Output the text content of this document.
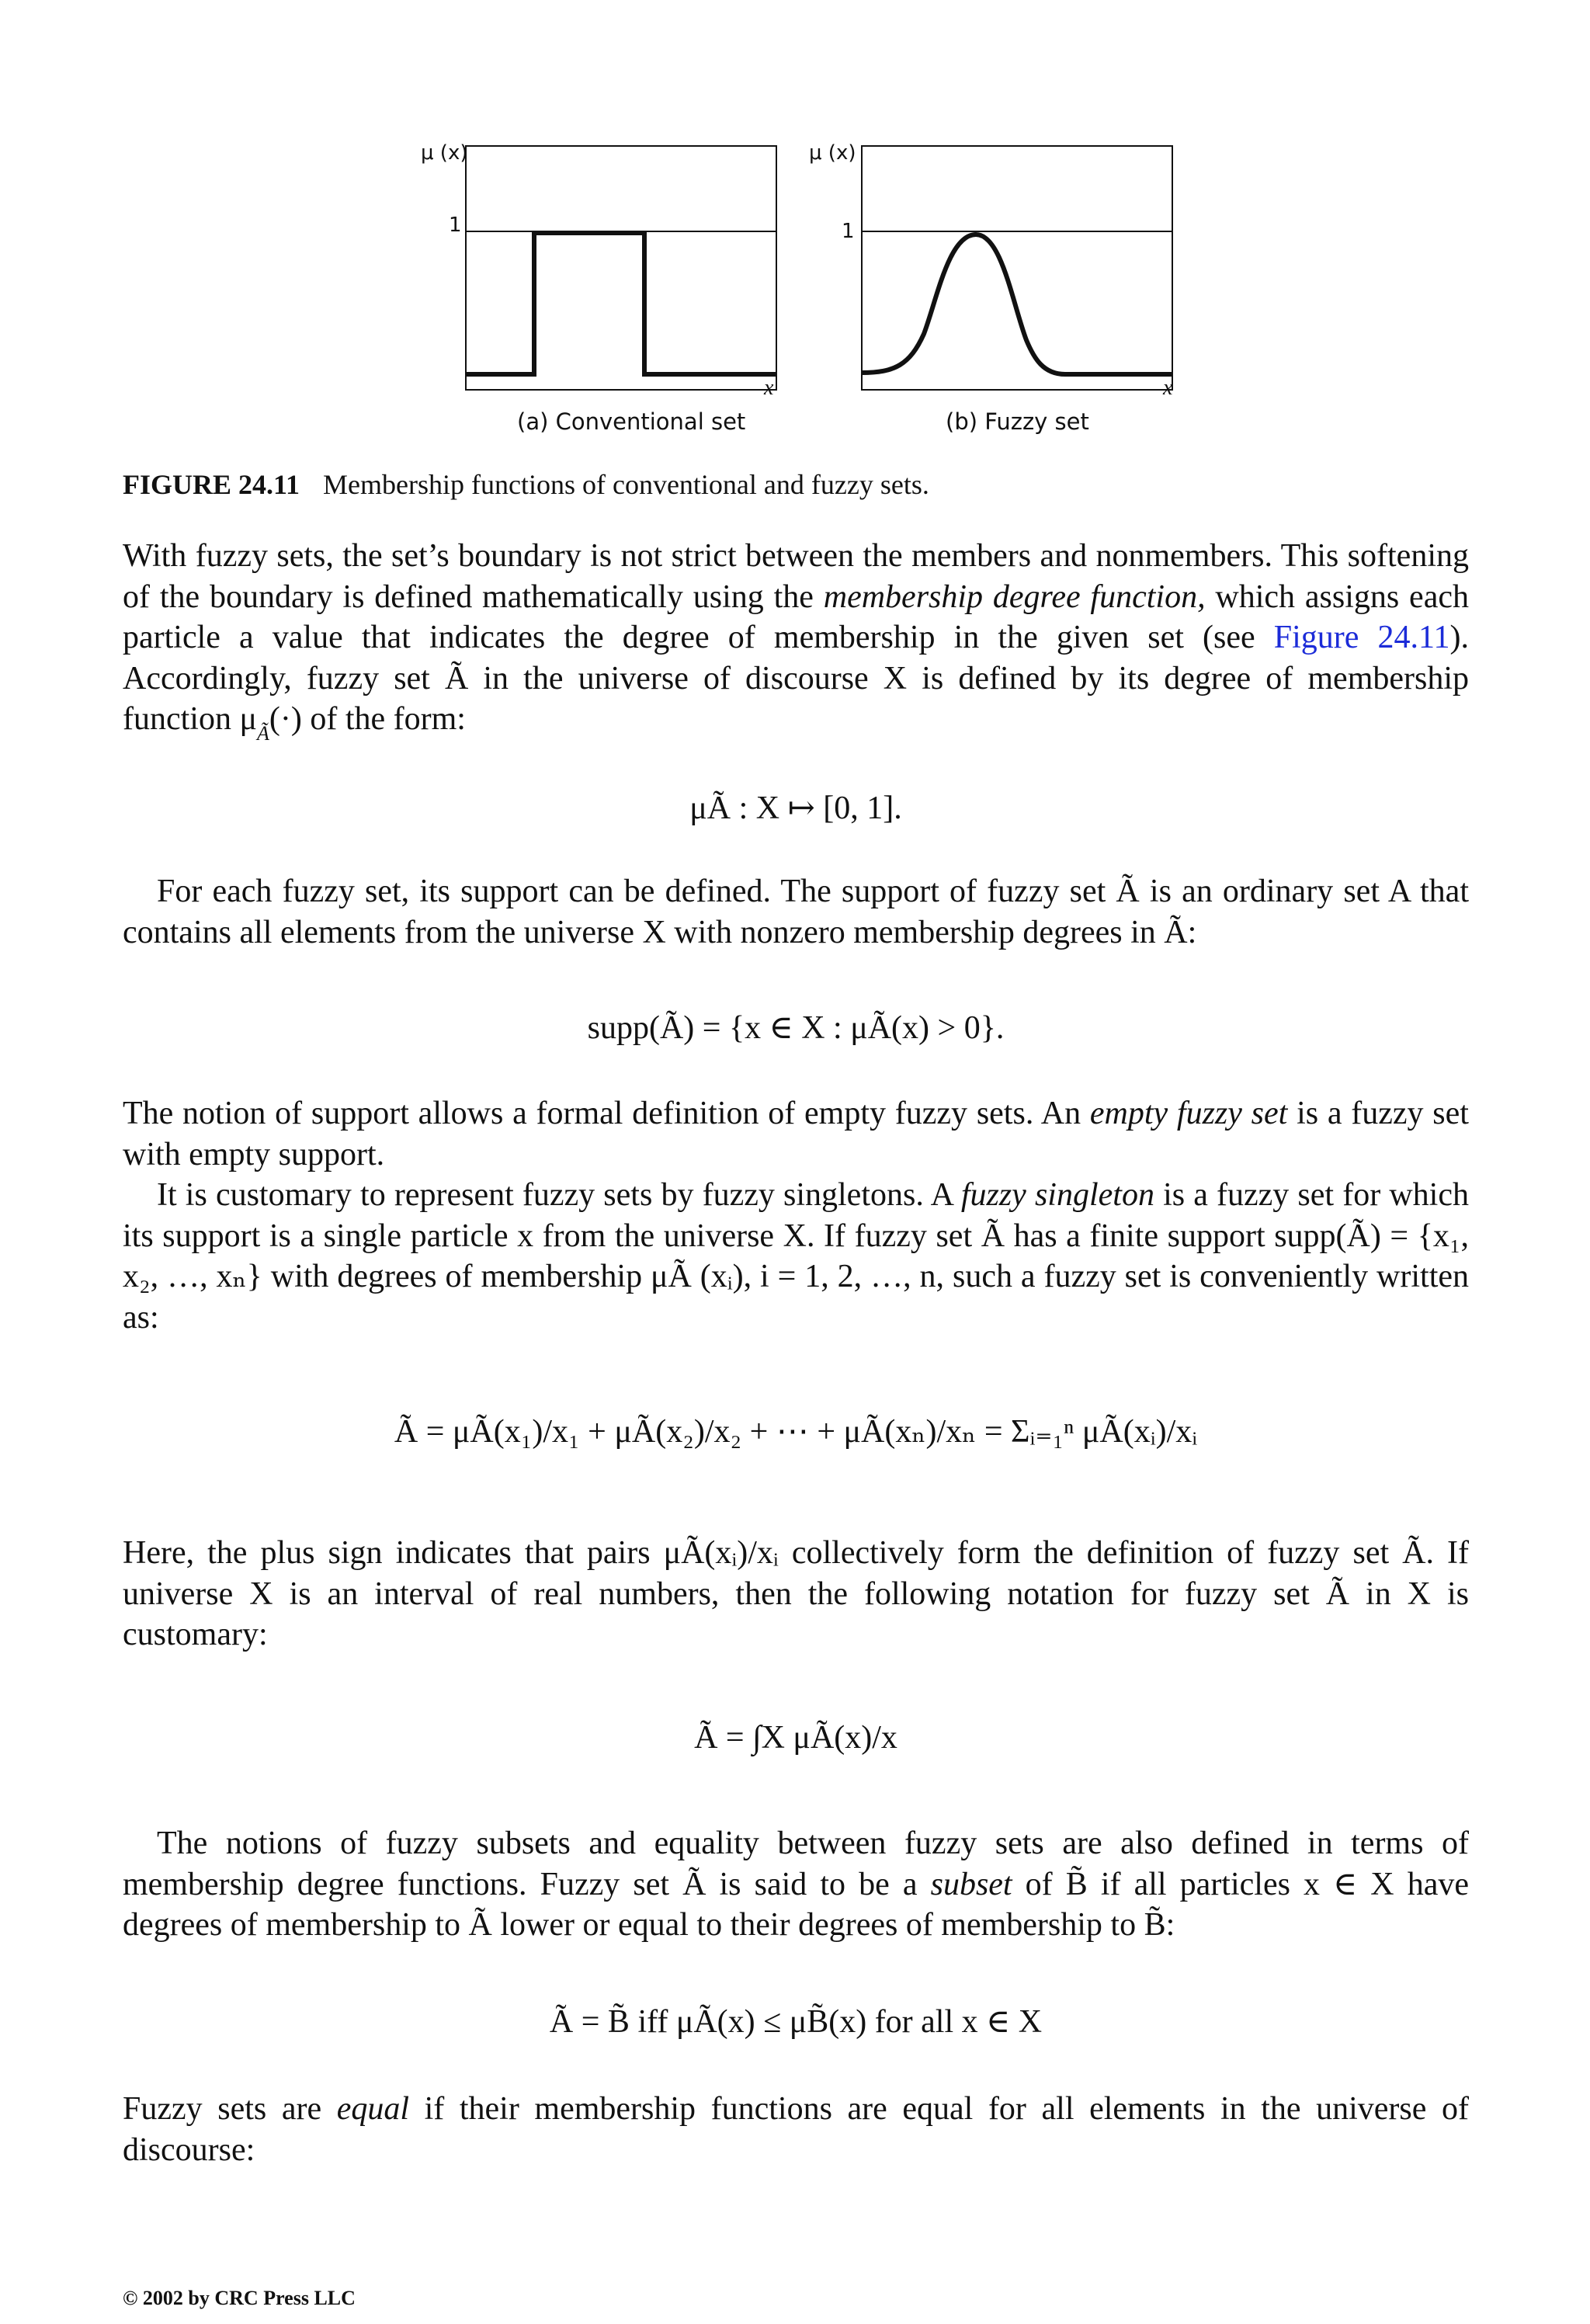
μ (x)
1
x
(a) Conventional set
μ (x)
1
x
(b) Fuzzy set
FIGURE 24.11 Membership functions of conventional and fuzzy sets.

With fuzzy sets, the set’s boundary is not strict between the members and nonmembers. This softening of the boundary is defined mathematically using the membership degree function, which assigns each particle a value that indicates the degree of membership in the given set (see Figure 24.11). Accordingly, fuzzy set Ã in the universe of discourse X is defined by its degree of membership function $\mu_Ã(\cdot)$ of the form:

μÃ : X ↦ [0, 1].

For each fuzzy set, its support can be defined. The support of fuzzy set Ã is an ordinary set A that contains all elements from the universe X with nonzero membership degrees in Ã:

supp(Ã) = {x ∈ X : μÃ(x) > 0}.

The notion of support allows a formal definition of empty fuzzy sets. An empty fuzzy set is a fuzzy set with empty support.

It is customary to represent fuzzy sets by fuzzy singletons. A fuzzy singleton is a fuzzy set for which its support is a single particle x from the universe X. If fuzzy set Ã has a finite support supp(Ã) = {x₁, x₂, …, xₙ} with degrees of membership μÃ (xᵢ), i = 1, 2, …, n, such a fuzzy set is conveniently written as:

Ã = μÃ(x₁)/x₁ + μÃ(x₂)/x₂ + ⋯ + μÃ(xₙ)/xₙ = Σᵢ₌₁ⁿ μÃ(xᵢ)/xᵢ

Here, the plus sign indicates that pairs μÃ(xᵢ)/xᵢ collectively form the definition of fuzzy set Ã. If universe X is an interval of real numbers, then the following notation for fuzzy set Ã in X is customary:

Ã = ∫X μÃ(x)/x

The notions of fuzzy subsets and equality between fuzzy sets are also defined in terms of membership degree functions. Fuzzy set Ã is said to be a subset of B̃ if all particles x ∈ X have degrees of membership to Ã lower or equal to their degrees of membership to B̃:

Ã = B̃ iff μÃ(x) ≤ μB̃(x) for all x ∈ X

Fuzzy sets are equal if their membership functions are equal for all elements in the universe of discourse:

© 2002 by CRC Press LLC
